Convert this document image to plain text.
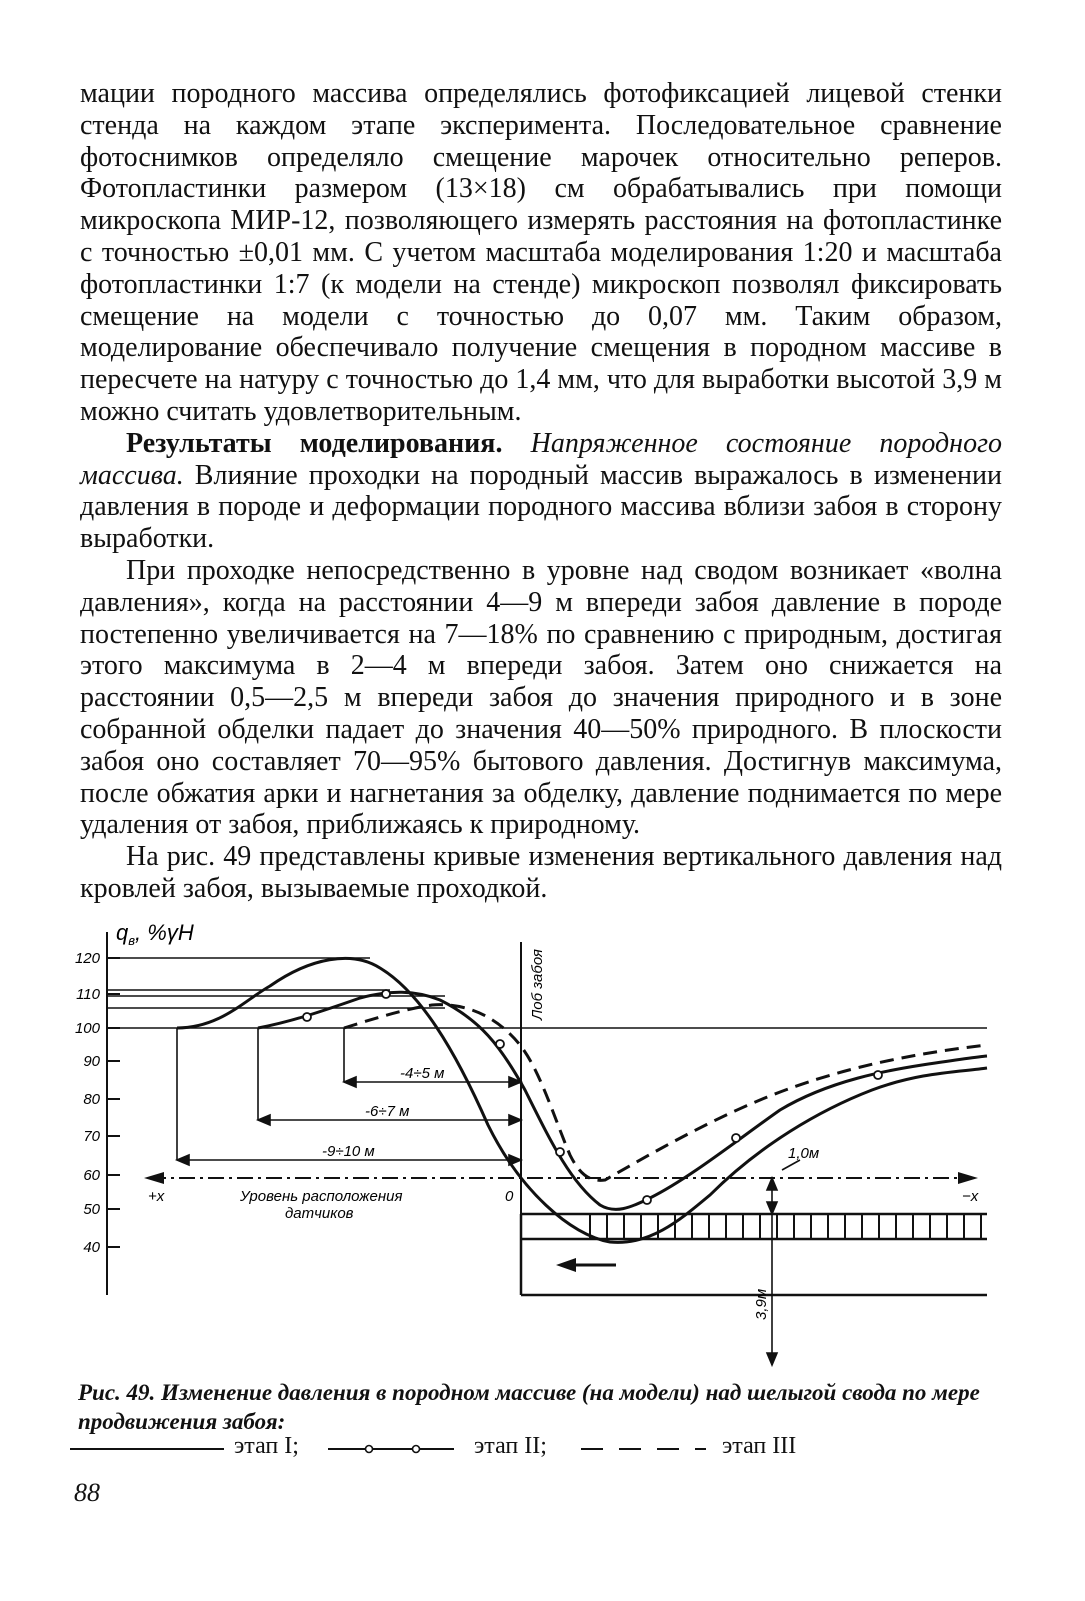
мации породного массива определялись фотофиксацией лицевой стенки стенда на каждом этапе эксперимента. Последовательное сравнение фотоснимков определяло смещение марочек относительно реперов. Фотопластинки размером (13×18) см обрабатывались при помощи микроскопа МИР-12, позволяющего измерять расстояния на фотопластинке с точностью ±0,01 мм. С учетом масштаба моделирования 1:20 и масштаба фотопластинки 1:7 (к модели на стенде) микроскоп позволял фиксировать смещение на модели с точностью до 0,07 мм. Таким образом, моделирование обеспечивало получение смещения в породном массиве в пересчете на натуру с точностью до 1,4 мм, что для выработки высотой 3,9 м можно считать удовлетворительным.

Результаты моделирования. Напряженное состояние породного массива. Влияние проходки на породный массив выражалось в изменении давления в породе и деформации породного массива вблизи забоя в сторону выработки.

При проходке непосредственно в уровне над сводом возникает «волна давления», когда на расстоянии 4—9 м впереди забоя давление в породе постепенно увеличивается на 7—18% по сравнению с природным, достигая этого максимума в 2—4 м впереди забоя. Затем оно снижается на расстоянии 0,5—2,5 м впереди забоя до значения природного и в зоне собранной обделки падает до значения 40—50% природного. В плоскости забоя оно составляет 70—95% бытового давления. Достигнув максимума, после обжатия арки и нагнетания за обделку, давление поднимается по мере удаления от забоя, приближаясь к природному.

На рис. 49 представлены кривые изменения вертикального давления над кровлей забоя, вызываемые проходкой.

$q_в$, %γH
120
110
100
90
80
70
60
50
40
Лоб забоя
-4÷5 м
-6÷7 м
-9÷10 м
+x	−x
0
Уровень расположения
датчиков
1,0м
3,9м
Рис. 49. Изменение давления в породном массиве (на модели) над шелыгой свода по мере продвижения забоя:
этап I;	этап II;	этап III
88
